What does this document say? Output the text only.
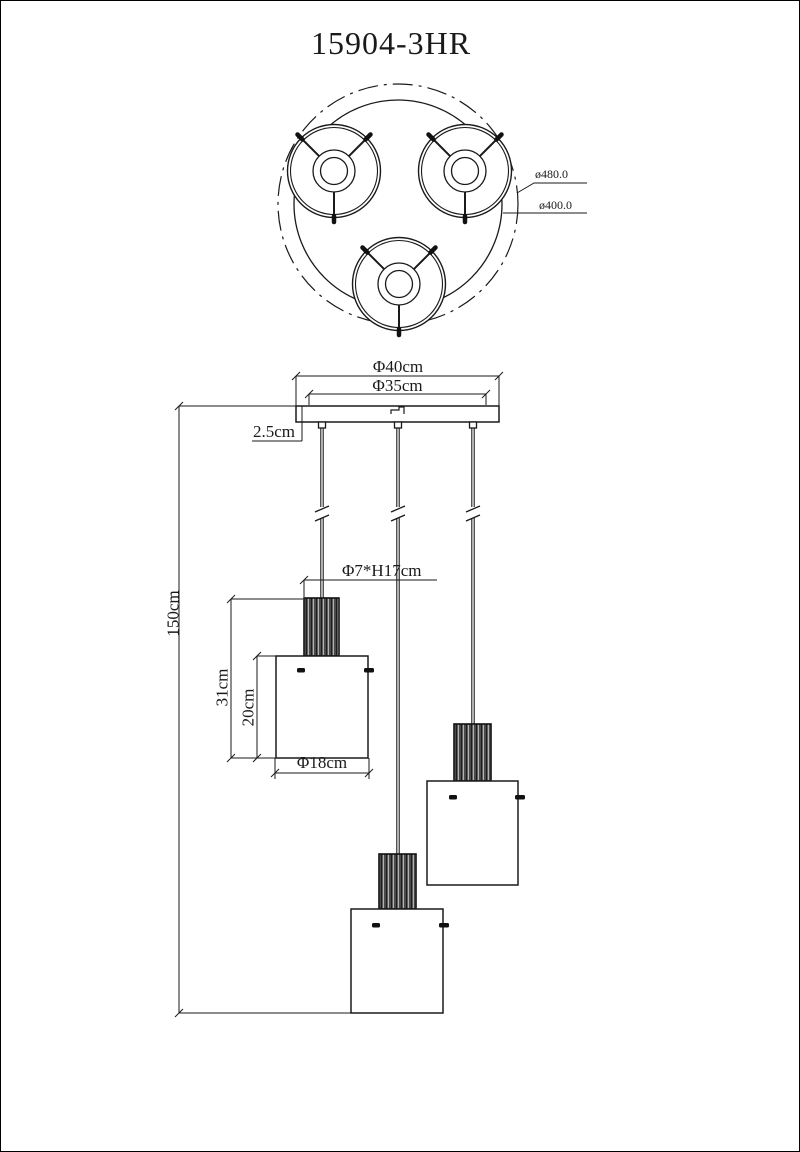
15904-3HR
ø480.0
ø400.0
Φ40cm
Φ35cm
2.5cm
Φ7*H17cm
150cm
31cm
20cm
Φ18cm
